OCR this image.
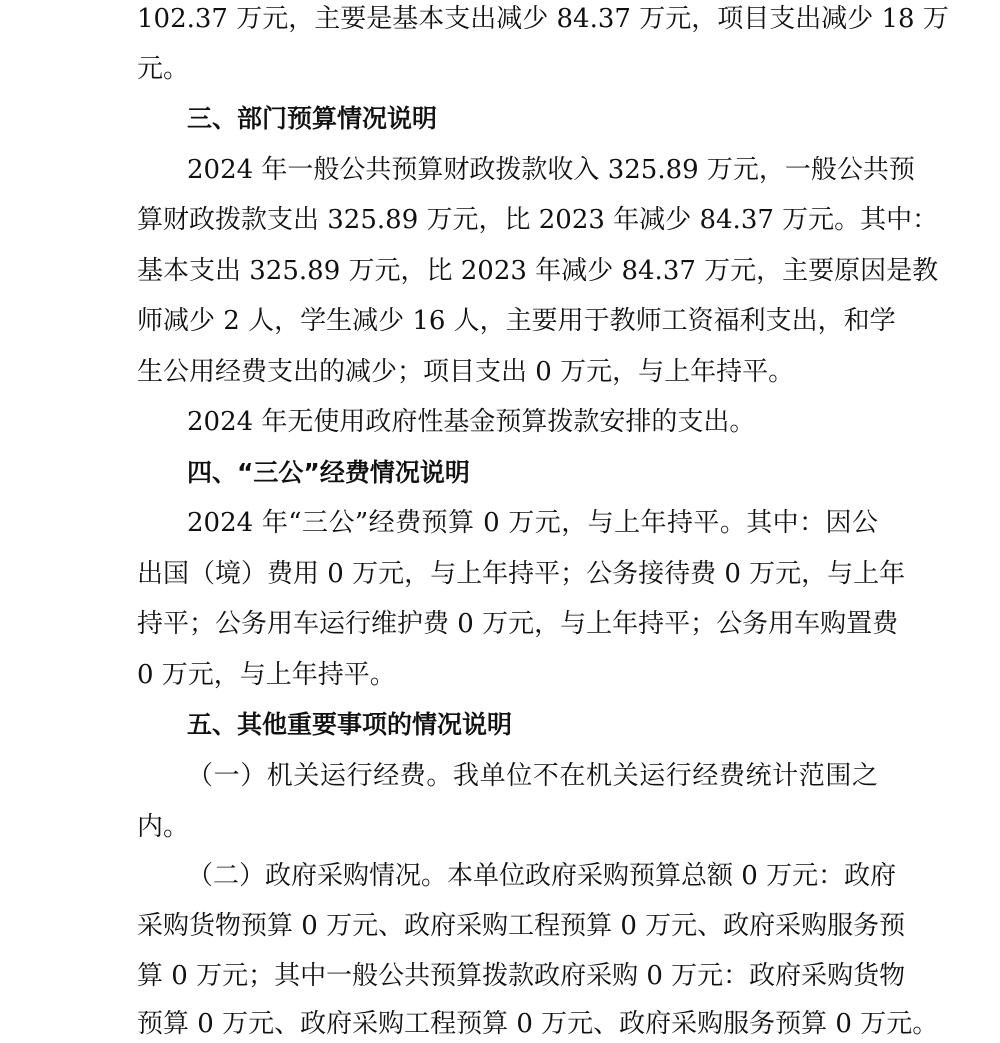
102.37 万元，主要是基本支出减少 84.37 万元，项目支出减少 18 万
元。
三、部门预算情况说明
2024 年一般公共预算财政拨款收入 325.89 万元，一般公共预
算财政拨款支出 325.89 万元，比 2023 年减少 84.37 万元。其中：
基本支出 325.89 万元，比 2023 年减少 84.37 万元，主要原因是教
师减少 2 人，学生减少 16 人，主要用于教师工资福利支出，和学
生公用经费支出的减少；项目支出 0 万元，与上年持平。
2024 年无使用政府性基金预算拨款安排的支出。
四、“三公”经费情况说明
2024 年“三公”经费预算 0 万元，与上年持平。其中：因公
出国（境）费用 0 万元，与上年持平；公务接待费 0 万元，与上年
持平；公务用车运行维护费 0 万元，与上年持平；公务用车购置费
0 万元，与上年持平。
五、其他重要事项的情况说明
（一）机关运行经费。我单位不在机关运行经费统计范围之
内。
（二）政府采购情况。本单位政府采购预算总额 0 万元：政府
采购货物预算 0 万元、政府采购工程预算 0 万元、政府采购服务预
算 0 万元；其中一般公共预算拨款政府采购 0 万元：政府采购货物
预算 0 万元、政府采购工程预算 0 万元、政府采购服务预算 0 万元。
